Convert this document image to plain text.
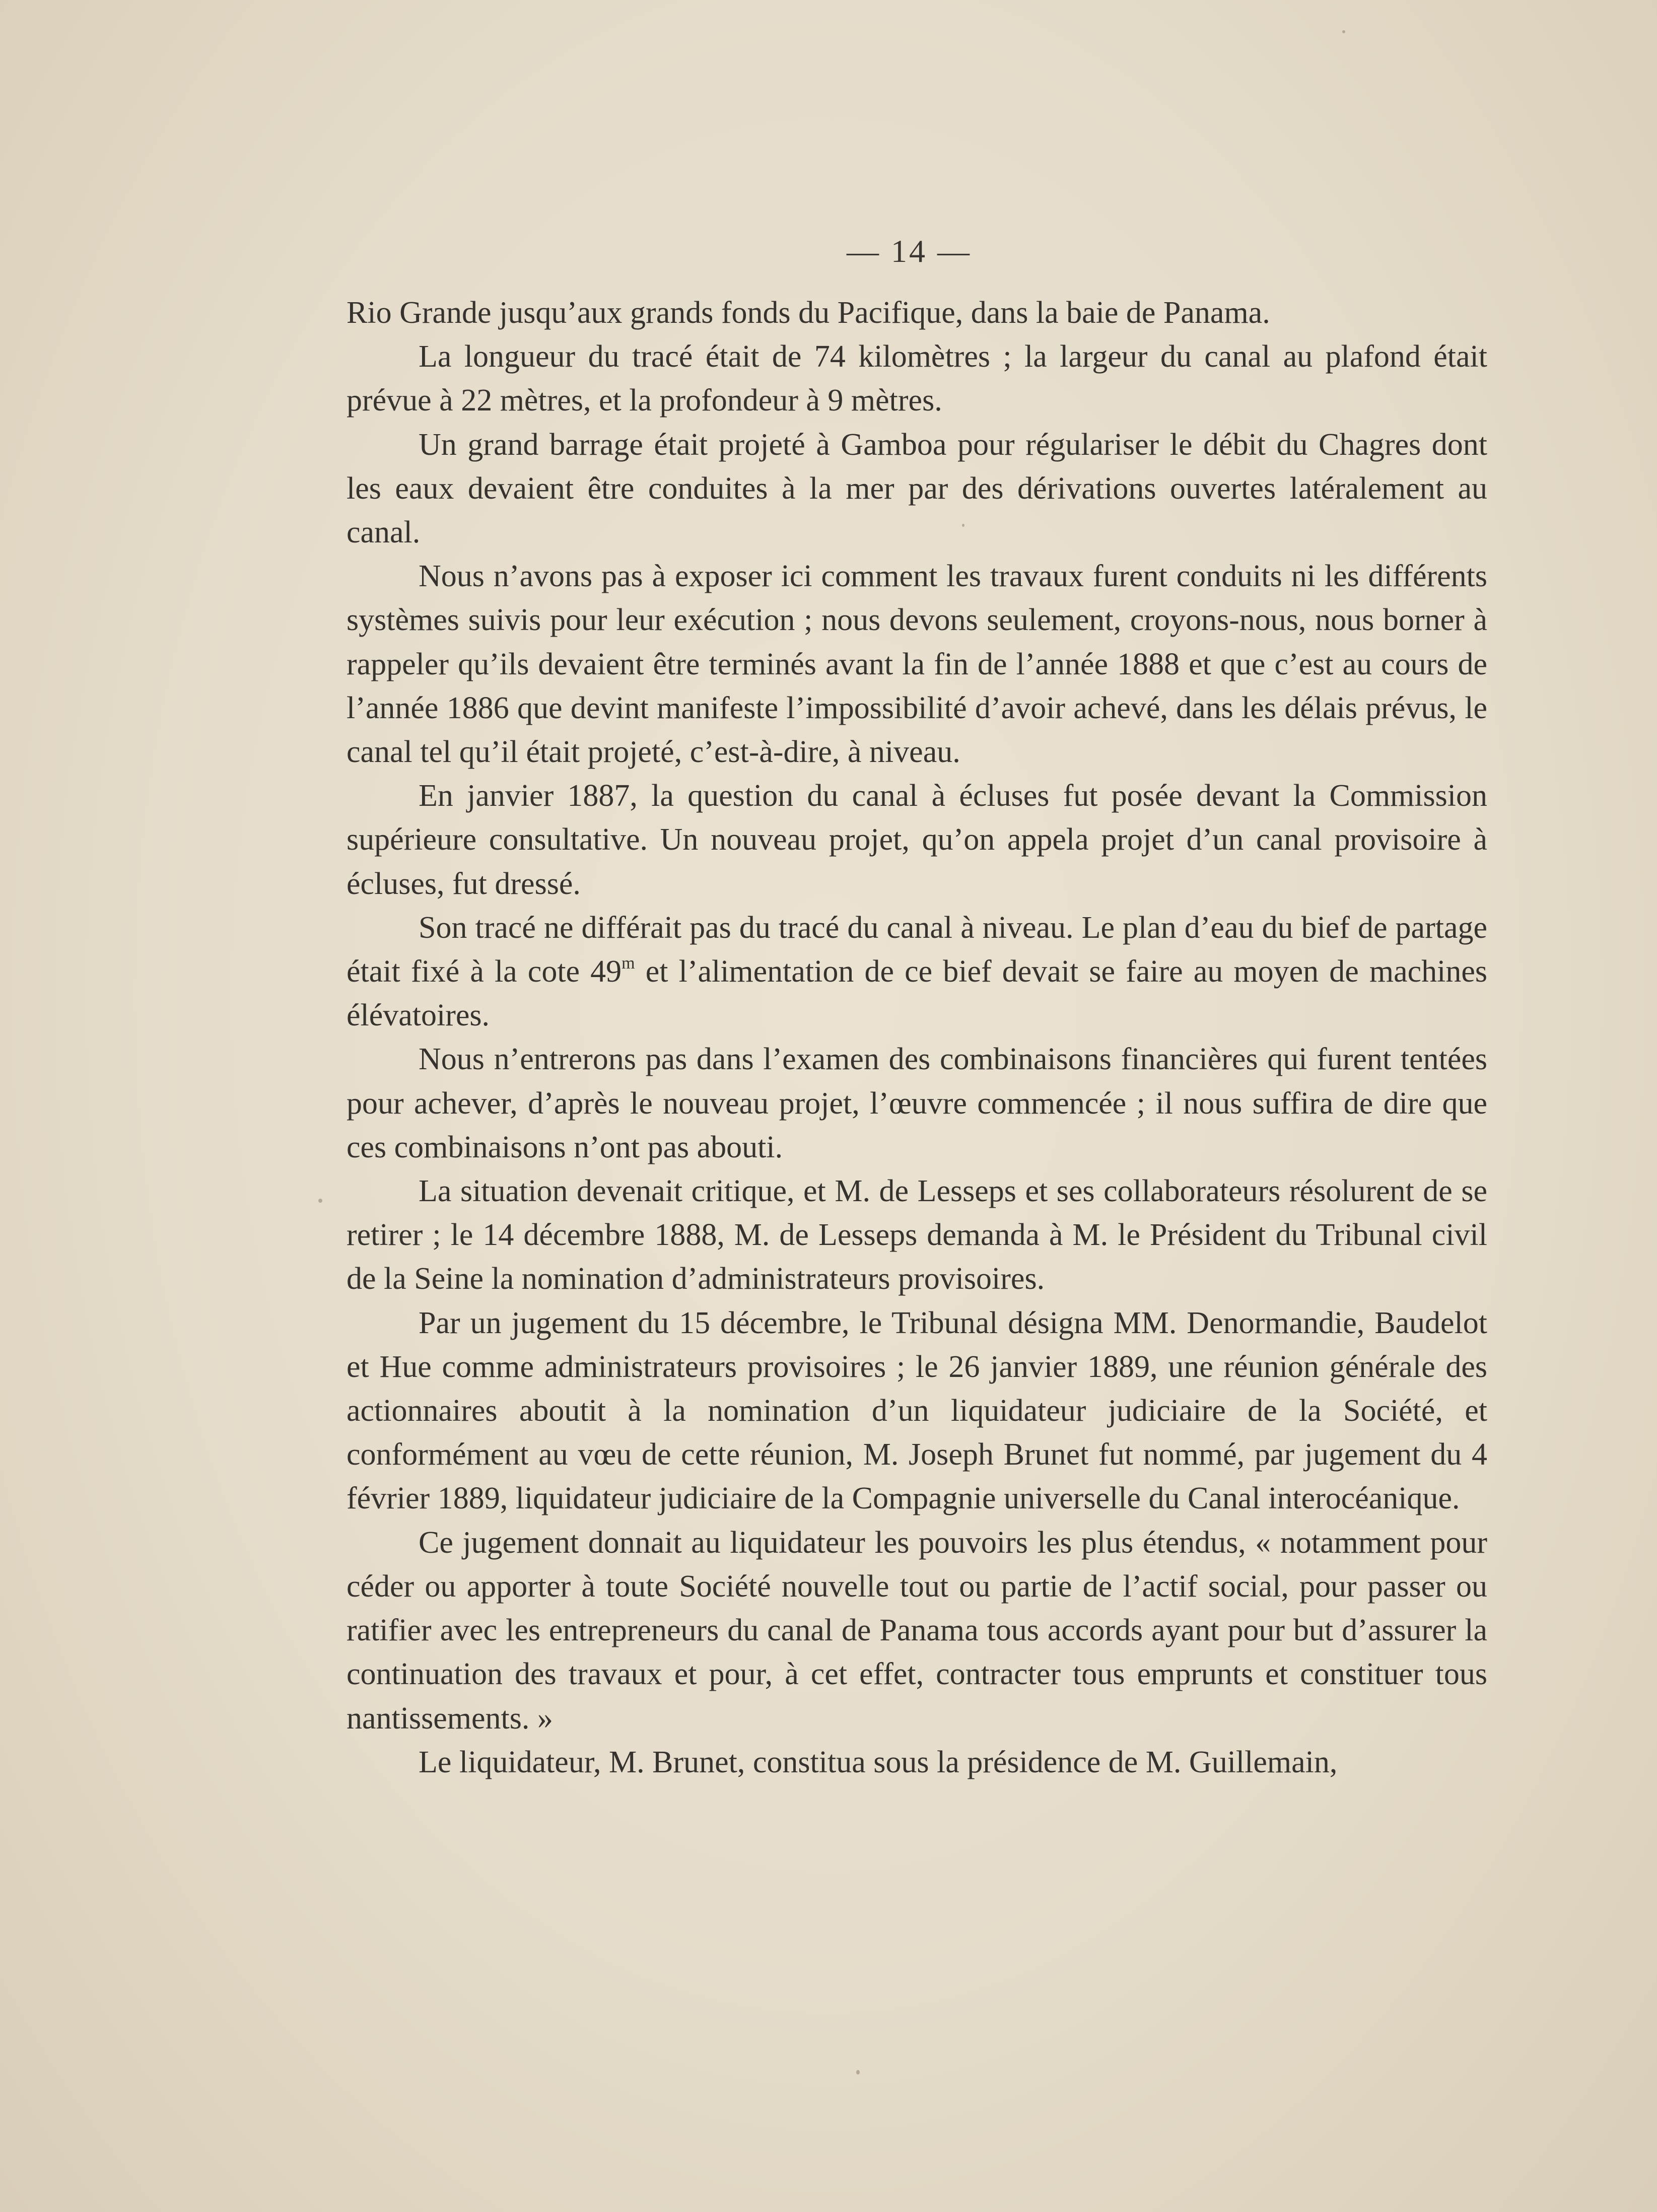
— 14 —

Rio Grande jusqu’aux grands fonds du Pacifique, dans la baie de Panama.

La longueur du tracé était de 74 kilomètres ; la largeur du canal au plafond était prévue à 22 mètres, et la profondeur à 9 mètres.

Un grand barrage était projeté à Gamboa pour régulariser le débit du Chagres dont les eaux devaient être conduites à la mer par des dérivations ouvertes latéralement au canal.

Nous n’avons pas à exposer ici comment les travaux furent conduits ni les différents systèmes suivis pour leur exécution ; nous devons seulement, croyons-nous, nous borner à rappeler qu’ils devaient être terminés avant la fin de l’année 1888 et que c’est au cours de l’année 1886 que devint manifeste l’impossibilité d’avoir achevé, dans les délais prévus, le canal tel qu’il était projeté, c’est-à-dire, à niveau.

En janvier 1887, la question du canal à écluses fut posée devant la Commission supérieure consultative. Un nouveau projet, qu’on appela projet d’un canal provisoire à écluses, fut dressé.

Son tracé ne différait pas du tracé du canal à niveau. Le plan d’eau du bief de partage était fixé à la cote 49$^m$ et l’alimentation de ce bief devait se faire au moyen de machines élévatoires.

Nous n’entrerons pas dans l’examen des combinaisons financières qui furent tentées pour achever, d’après le nouveau projet, l’œuvre commencée ; il nous suffira de dire que ces combinaisons n’ont pas abouti.

La situation devenait critique, et M. de Lesseps et ses collaborateurs résolurent de se retirer ; le 14 décembre 1888, M. de Lesseps demanda à M. le Président du Tribunal civil de la Seine la nomination d’administrateurs provisoires.

Par un jugement du 15 décembre, le Tribunal désigna MM. Denormandie, Baudelot et Hue comme administrateurs provisoires ; le 26 janvier 1889, une réunion générale des actionnaires aboutit à la nomination d’un liquidateur judiciaire de la Société, et conformément au vœu de cette réunion, M. Joseph Brunet fut nommé, par jugement du 4 février 1889, liquidateur judiciaire de la Compagnie universelle du Canal interocéanique.

Ce jugement donnait au liquidateur les pouvoirs les plus étendus, « notamment pour céder ou apporter à toute Société nouvelle tout ou partie de l’actif social, pour passer ou ratifier avec les entrepreneurs du canal de Panama tous accords ayant pour but d’assurer la continuation des travaux et pour, à cet effet, contracter tous emprunts et constituer tous nantissements. »

Le liquidateur, M. Brunet, constitua sous la présidence de M. Guillemain,
